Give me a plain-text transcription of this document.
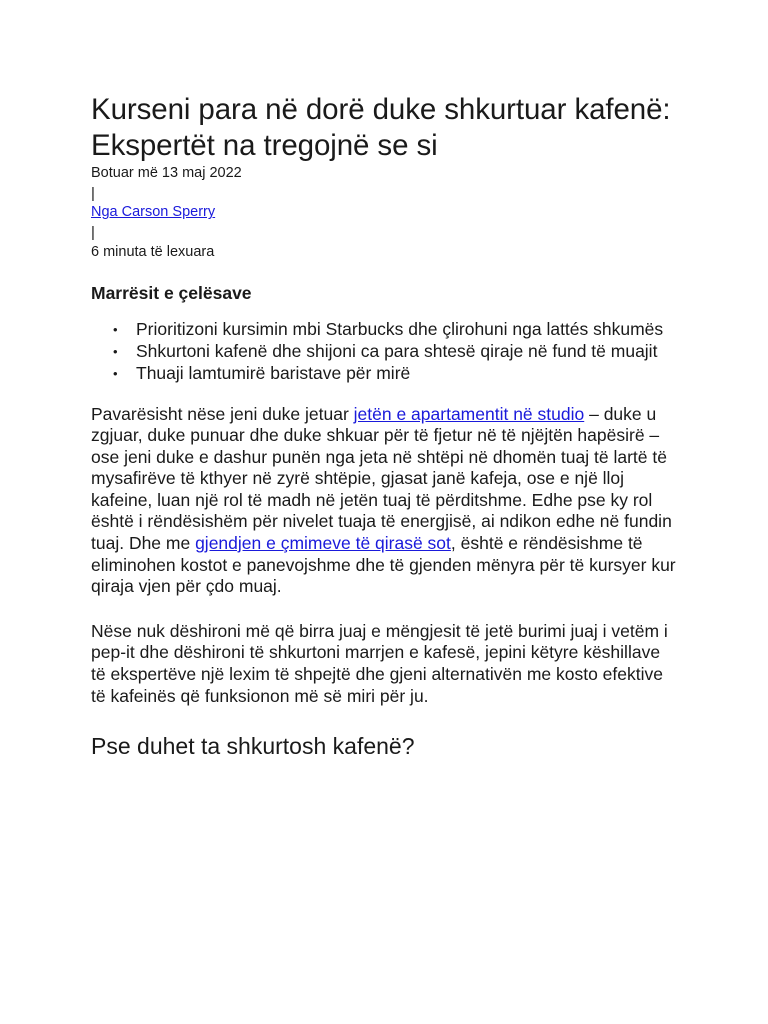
Kurseni para në dorë duke shkurtuar kafenë: Ekspertët na tregojnë se si
Botuar më 13 maj 2022
|
Nga Carson Sperry
|
6 minuta të lexuara
Marrësit e çelësave
• Prioritizoni kursimin mbi Starbucks dhe çlirohuni nga lattés shkumës
• Shkurtoni kafenë dhe shijoni ca para shtesë qiraje në fund të muajit
• Thuaji lamtumirë baristave për mirë

Pavarësisht nëse jeni duke jetuar jetën e apartamentit në studio – duke u zgjuar, duke punuar dhe duke shkuar për të fjetur në të njëjtën hapësirë – ose jeni duke e dashur punën nga jeta në shtëpi në dhomën tuaj të lartë të mysafirëve të kthyer në zyrë shtëpie, gjasat janë kafeja, ose e një lloj kafeine, luan një rol të madh në jetën tuaj të përditshme. Edhe pse ky rol është i rëndësishëm për nivelet tuaja të energjisë, ai ndikon edhe në fundin tuaj. Dhe me gjendjen e çmimeve të qirasë sot, është e rëndësishme të eliminohen kostot e panevojshme dhe të gjenden mënyra për të kursyer kur qiraja vjen për çdo muaj.

Nëse nuk dëshironi më që birra juaj e mëngjesit të jetë burimi juaj i vetëm i pep-it dhe dëshironi të shkurtoni marrjen e kafesë, jepini këtyre këshillave të ekspertëve një lexim të shpejtë dhe gjeni alternativën me kosto efektive të kafeinës që funksionon më së miri për ju.

Pse duhet ta shkurtosh kafenë?
